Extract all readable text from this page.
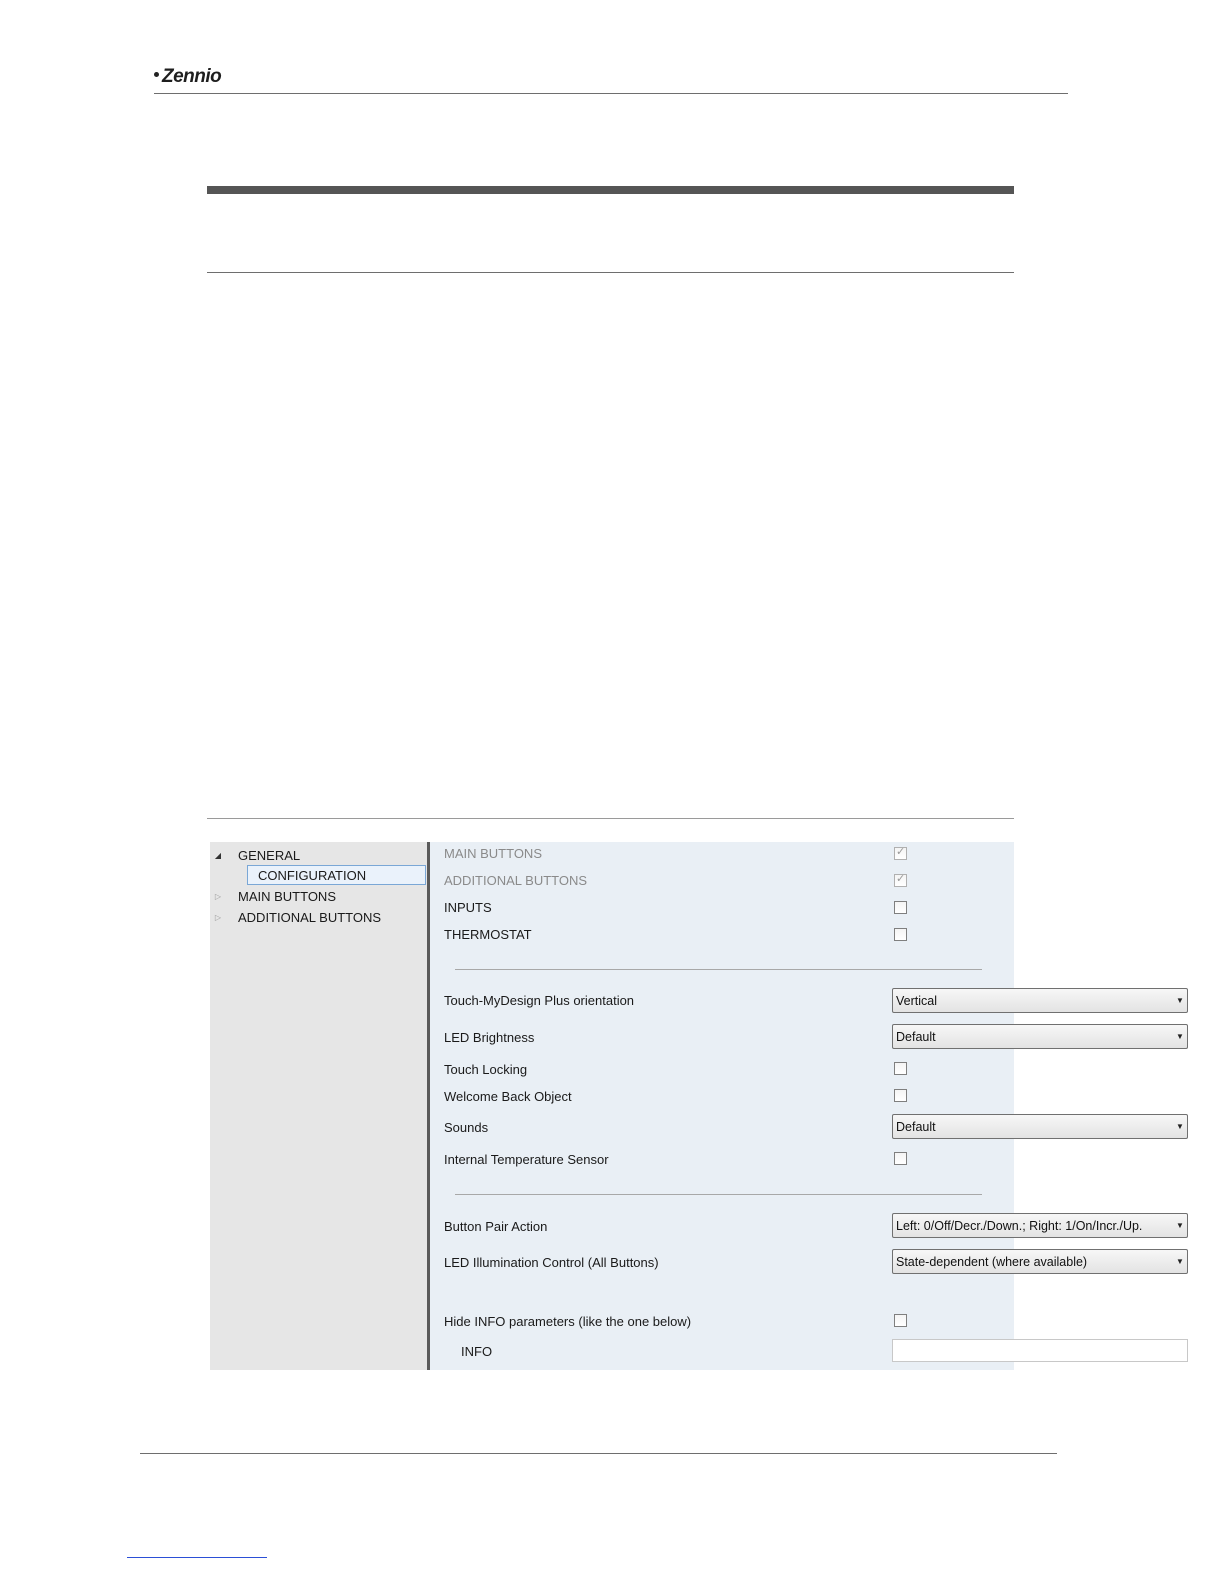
Zennio
◢ GENERAL
CONFIGURATION
▷ MAIN BUTTONS
▷ ADDITIONAL BUTTONS
MAIN BUTTONS	✓
ADDITIONAL BUTTONS	✓
INPUTS
THERMOSTAT
Touch-MyDesign Plus orientation	Vertical	▼
LED Brightness	Default	▼
Touch Locking
Welcome Back Object
Sounds	Default	▼
Internal Temperature Sensor
Button Pair Action	Left: 0/Off/Decr./Down.; Right: 1/On/Incr./Up.	▼
LED Illumination Control (All Buttons)	State-dependent (where available)	▼
Hide INFO parameters (like the one below)
INFO
